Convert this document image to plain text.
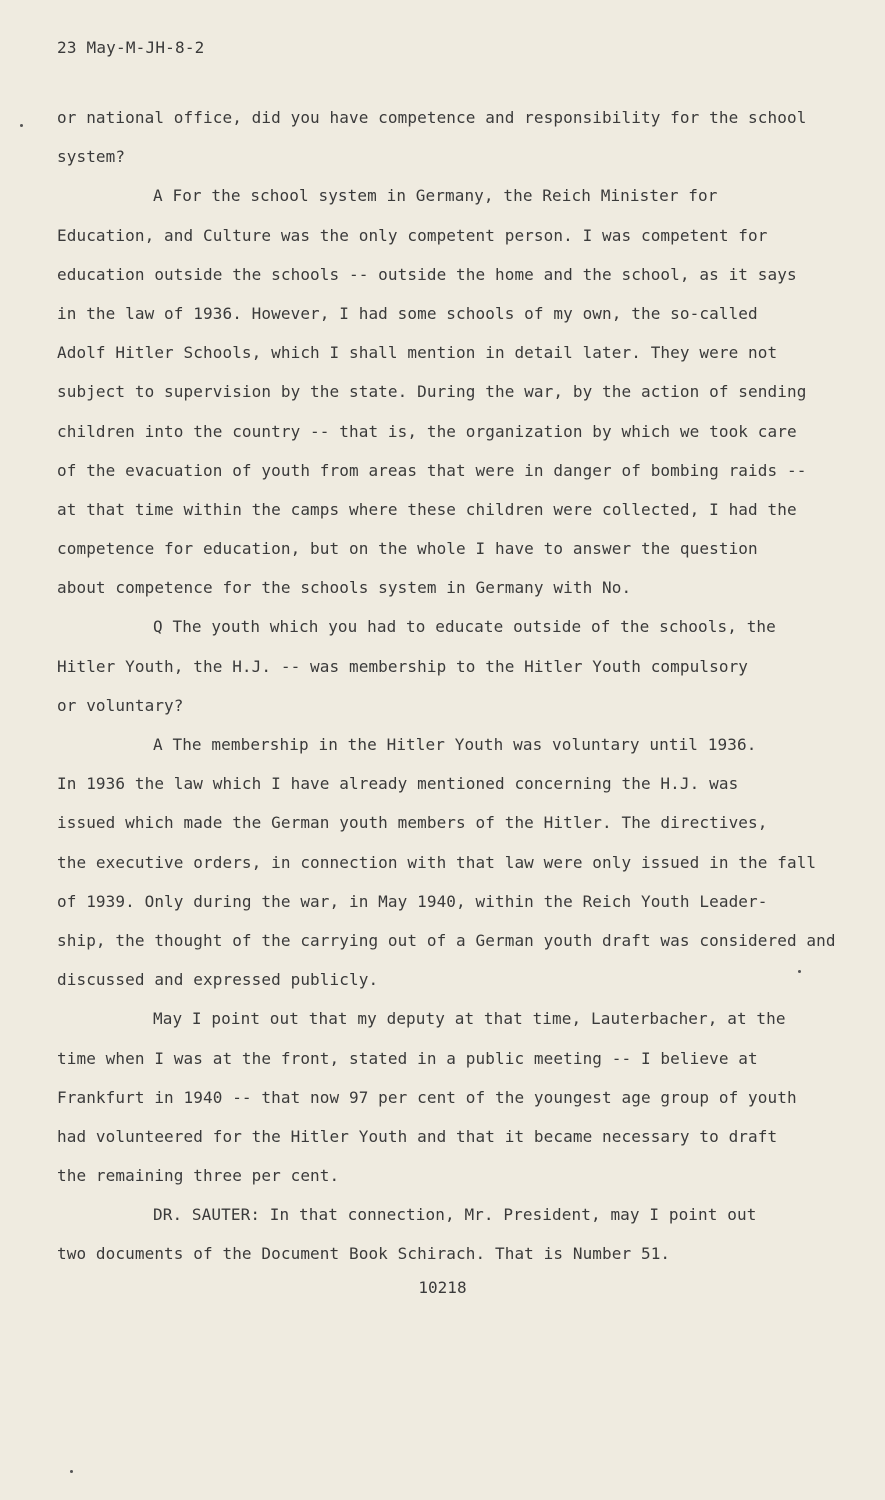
23 May-M-JH-8-2
or national office, did you have competence and responsibility for the school
system?
A For the school system in Germany, the Reich Minister for
Education, and Culture was the only competent person. I was competent for
education outside the schools -- outside the home and the school, as it says
in the law of 1936. However, I had some schools of my own, the so-called
Adolf Hitler Schools, which I shall mention in detail later. They were not
subject to supervision by the state. During the war, by the action of sending
children into the country -- that is, the organization by which we took care
of the evacuation of youth from areas that were in danger of bombing raids --
at that time within the camps where these children were collected, I had the
competence for education, but on the whole I have to answer the question
about competence for the schools system in Germany with No.
Q The youth which you had to educate outside of the schools, the
Hitler Youth, the H.J. -- was membership to the Hitler Youth compulsory
or voluntary?
A The membership in the Hitler Youth was voluntary until 1936.
In 1936 the law which I have already mentioned concerning the H.J. was
issued which made the German youth members of the Hitler. The directives,
the executive orders, in connection with that law were only issued in the fall
of 1939. Only during the war, in May 1940, within the Reich Youth Leader-
ship, the thought of the carrying out of a German youth draft was considered and
discussed and expressed publicly.
May I point out that my deputy at that time, Lauterbacher, at the
time when I was at the front, stated in a public meeting -- I believe at
Frankfurt in 1940 -- that now 97 per cent of the youngest age group of youth
had volunteered for the Hitler Youth and that it became necessary to draft
the remaining three per cent.
DR. SAUTER: In that connection, Mr. President, may I point out
two documents of the Document Book Schirach. That is Number 51.
10218
